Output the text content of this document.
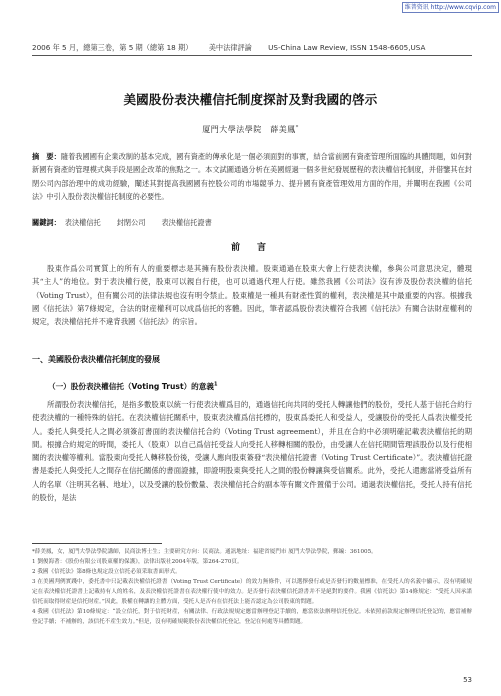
维普资讯 http://www.cqvip.com
2006 年 5 月，總第三卷，第 5 期（總第 18 期） 美中法律評論 US-China Law Review, ISSN 1548-6605,USA
美國股份表決權信托制度探討及對我國的啓示
厦門大學法學院　薛美鳳*
摘　要：隨着我國國有企業改制的基本完成，國有資產的傳承化是一個必須面對的事實，結合當前國有資產管理所面臨的具體問題，如何對新國有資產的管理模式與手段是國企改革的焦點之一。本文試圖通過分析在美國經過一個多世紀發展歷程的表決權信托制度，并借鑒其在封閉公司內部治理中的成功經驗，闡述其對提高我國國有控股公司的市場競爭力、提升國有資產管理效用方面的作用，并闡明在我國《公司法》中引入股份表決權信托制度的必要性。
關鍵詞： 表決權信托 封閉公司 表決權信托證書
前　言
股東作爲公司實質上的所有人的重要標志是其擁有股份表決權。股東通過在股東大會上行使表決權，參與公司意思決定，體現其“主人”的地位。對于表決權行使，股東可以親自行使，也可以通過代理人行使。雖然我國《公司法》沒有涉及股份表決權的信托（Voting Trust），但有關公司的法律法規也沒有明令禁止。股東權是一種具有財產性質的權利，表決權是其中最重要的內容。根據我國《信托法》第7條規定，合法的財産權利可以成爲信托的客體。因此，筆者認爲股份表決權符合我國《信托法》有關合法財産權利的規定，表決權信托并不違背我國《信托法》的宗旨。
一、美國股份表決權信托制度的發展
（一）股份表決權信托（Voting Trust）的意義$^1$
所謂股份表決權信托，是指多數股東以統一行使表決權爲目的，通過信托向共同的受托人轉讓他們的股份，受托人基于信托合約行使表決權的一種特殊的信托。在表決權信托關系中，股東表決權爲信托標的，股東爲委托人和受益人，受讓股份的受托人爲表決權受托人。委托人與受托人之間必須簽訂書面的表決權信托合約（Voting Trust agreement），并且在合約中必須明確記載表決權信托的期間。根據合約規定的時間，委托人（股東）以自己爲信托受益人向受托人移轉相關的股份，由受讓人在信托期間管理該股份以及行使相關的表決權等權利。當股東向受托人轉移股份後，受讓人應向股東簽發“表決權信托證書（Voting Trust Certificate）”。表決權信托證書是委托人與受托人之間存在信托關係的書面證據，即證明股東與受托人之間的股份轉讓與受信關系。此外，受托人還應當將受益所有人的名單（注明其名稱、地址），以及受讓的股份數量、表決權信托合約副本等有關文件置備于公司。通過表決權信托，受托人持有信托的股份，是法

*薛美鳳，女，厦門大學法學院講師，民商法博士生；主要研究方向：民商法。通訊地址：福建省厦門市 厦門大學法學院，郵編：361005。

1 劉俊海著：《股份有限公司股東權的保護》，法律出版社2004年版，第264-270頁。

2 我國《信托法》第8條也規定設立信托必須采取書面形式。

3 在美國判例實踐中，委托書中只記載表決權信托證書（Voting Trust Certificate）的效力無條件，可以選擇發行或是否發行的數量標准，在受托人的名義中顯示，沒有明確規定在表決權信托證書上記載持有人的姓名，及表決權信托證書在表決權行使中的效力。是否發行表決權信托證書并不是絕對的要件。我國《信托法》第14條規定：“受托人因承諾信托而取得財産是信托財産。”因此，股權在轉讓的主體方面，受托人是否有在信托法上能否認定為公司股東的問題。

4 我國《信托法》第10條規定：“設立信托，對于信托財産，有關法律、行政法規規定應當辦理登記手續的，應當依法辦理信托登記。未依照前款規定辦理信托登記的，應當補辦登記手續；不補辦的，該信托不産生效力。”但是，沒有明確規範股份表決權信托登記，登記在何處等具體問題。

53
